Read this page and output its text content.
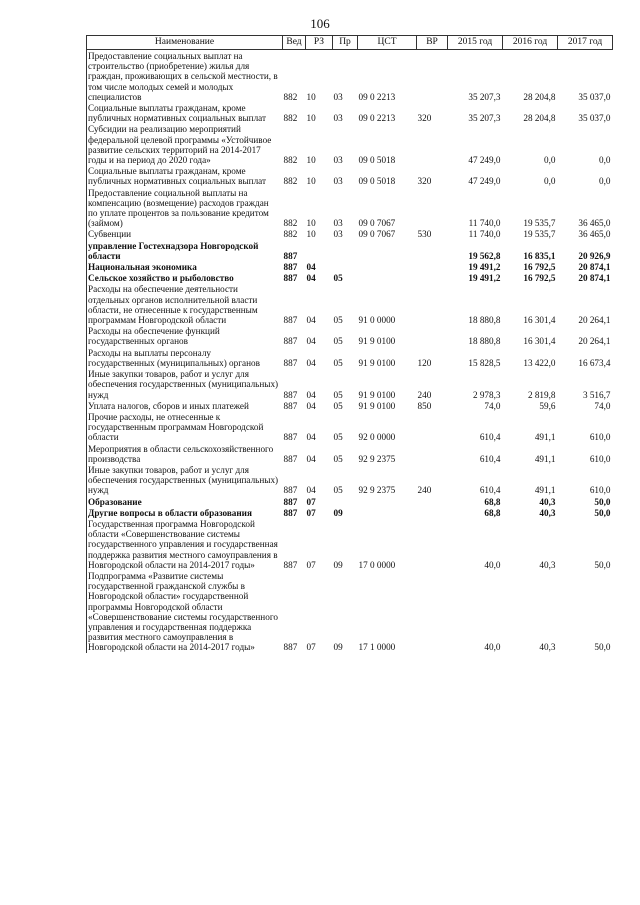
106
Наименование	Вед	РЗ	Пр	ЦСТ	ВР	2015 год	2016 год	2017 год
Предоставление социальных выплат на строительство (приобретение) жилья для граждан, проживающих в сельской местности, в том числе молодых семей и молодых специалистов	882	10	03	09 0 2213		35 207,3	28 204,8	35 037,0
Социальные выплаты гражданам, кроме публичных нормативных социальных выплат	882	10	03	09 0 2213	320	35 207,3	28 204,8	35 037,0
Субсидии на реализацию мероприятий федеральной целевой программы «Устойчивое развитие сельских территорий на 2014-2017 годы и на период до 2020 года»	882	10	03	09 0 5018		47 249,0	0,0	0,0
Социальные выплаты гражданам, кроме публичных нормативных социальных выплат	882	10	03	09 0 5018	320	47 249,0	0,0	0,0
Предоставление социальной выплаты на компенсацию (возмещение) расходов граждан по уплате процентов за пользование кредитом (займом)	882	10	03	09 0 7067		11 740,0	19 535,7	36 465,0
Субвенции	882	10	03	09 0 7067	530	11 740,0	19 535,7	36 465,0
управление Гостехнадзора Новгородской области	887					19 562,8	16 835,1	20 926,9
Национальная экономика	887	04				19 491,2	16 792,5	20 874,1
Сельское хозяйство и рыболовство	887	04	05			19 491,2	16 792,5	20 874,1
Расходы на обеспечение деятельности отдельных органов исполнительной власти области, не отнесенные к государственным программам Новгородской области	887	04	05	91 0 0000		18 880,8	16 301,4	20 264,1
Расходы на обеспечение функций государственных органов	887	04	05	91 9 0100		18 880,8	16 301,4	20 264,1
Расходы на выплаты персоналу государственных (муниципальных) органов	887	04	05	91 9 0100	120	15 828,5	13 422,0	16 673,4
Иные закупки товаров, работ и услуг для обеспечения государственных (муниципальных) нужд	887	04	05	91 9 0100	240	2 978,3	2 819,8	3 516,7
Уплата налогов, сборов и иных платежей	887	04	05	91 9 0100	850	74,0	59,6	74,0
Прочие расходы, не отнесенные к государственным программам Новгородской области	887	04	05	92 0 0000		610,4	491,1	610,0
Мероприятия в области сельскохозяйственного производства	887	04	05	92 9 2375		610,4	491,1	610,0
Иные закупки товаров, работ и услуг для обеспечения государственных (муниципальных) нужд	887	04	05	92 9 2375	240	610,4	491,1	610,0
Образование	887	07				68,8	40,3	50,0
Другие вопросы в области образования	887	07	09			68,8	40,3	50,0
Государственная программа Новгородской области «Совершенствование системы государственного управления и государственная поддержка развития местного самоуправления в Новгородской области на 2014-2017 годы»	887	07	09	17 0 0000		40,0	40,3	50,0
Подпрограмма «Развитие системы государственной гражданской службы в Новгородской области» государственной программы Новгородской области «Совершенствование системы государственного управления и государственная поддержка развития местного самоуправления в Новгородской области на 2014-2017 годы»	887	07	09	17 1 0000		40,0	40,3	50,0
